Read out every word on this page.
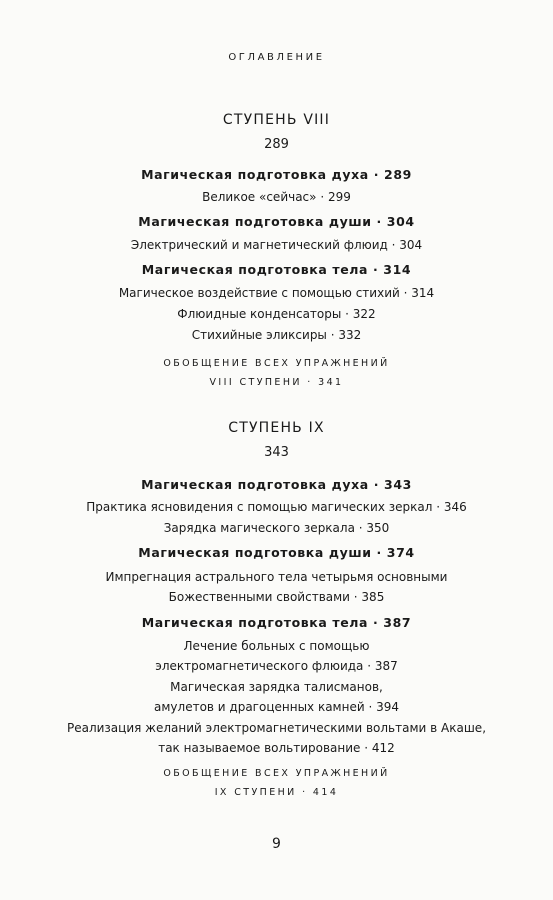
ОГЛАВЛЕНИЕ
СТУПЕНЬ VIII
289
Магическая подготовка духа · 289
Великое «сейчас» · 299
Магическая подготовка души · 304
Электрический и магнетический флюид · 304
Магическая подготовка тела · 314
Магическое воздействие с помощью стихий · 314
Флюидные конденсаторы · 322
Стихийные эликсиры · 332
ОБОБЩЕНИЕ ВСЕХ УПРАЖНЕНИЙ
VIII СТУПЕНИ · 341
СТУПЕНЬ IX
343
Магическая подготовка духа · 343
Практика ясновидения с помощью магических зеркал · 346
Зарядка магического зеркала · 350
Магическая подготовка души · 374
Импрегнация астрального тела четырьмя основными
Божественными свойствами · 385
Магическая подготовка тела · 387
Лечение больных с помощью
электромагнетического флюида · 387
Магическая зарядка талисманов,
амулетов и драгоценных камней · 394
Реализация желаний электромагнетическими вольтами в Акаше,
так называемое вольтирование · 412
ОБОБЩЕНИЕ ВСЕХ УПРАЖНЕНИЙ
IX СТУПЕНИ · 414
9
